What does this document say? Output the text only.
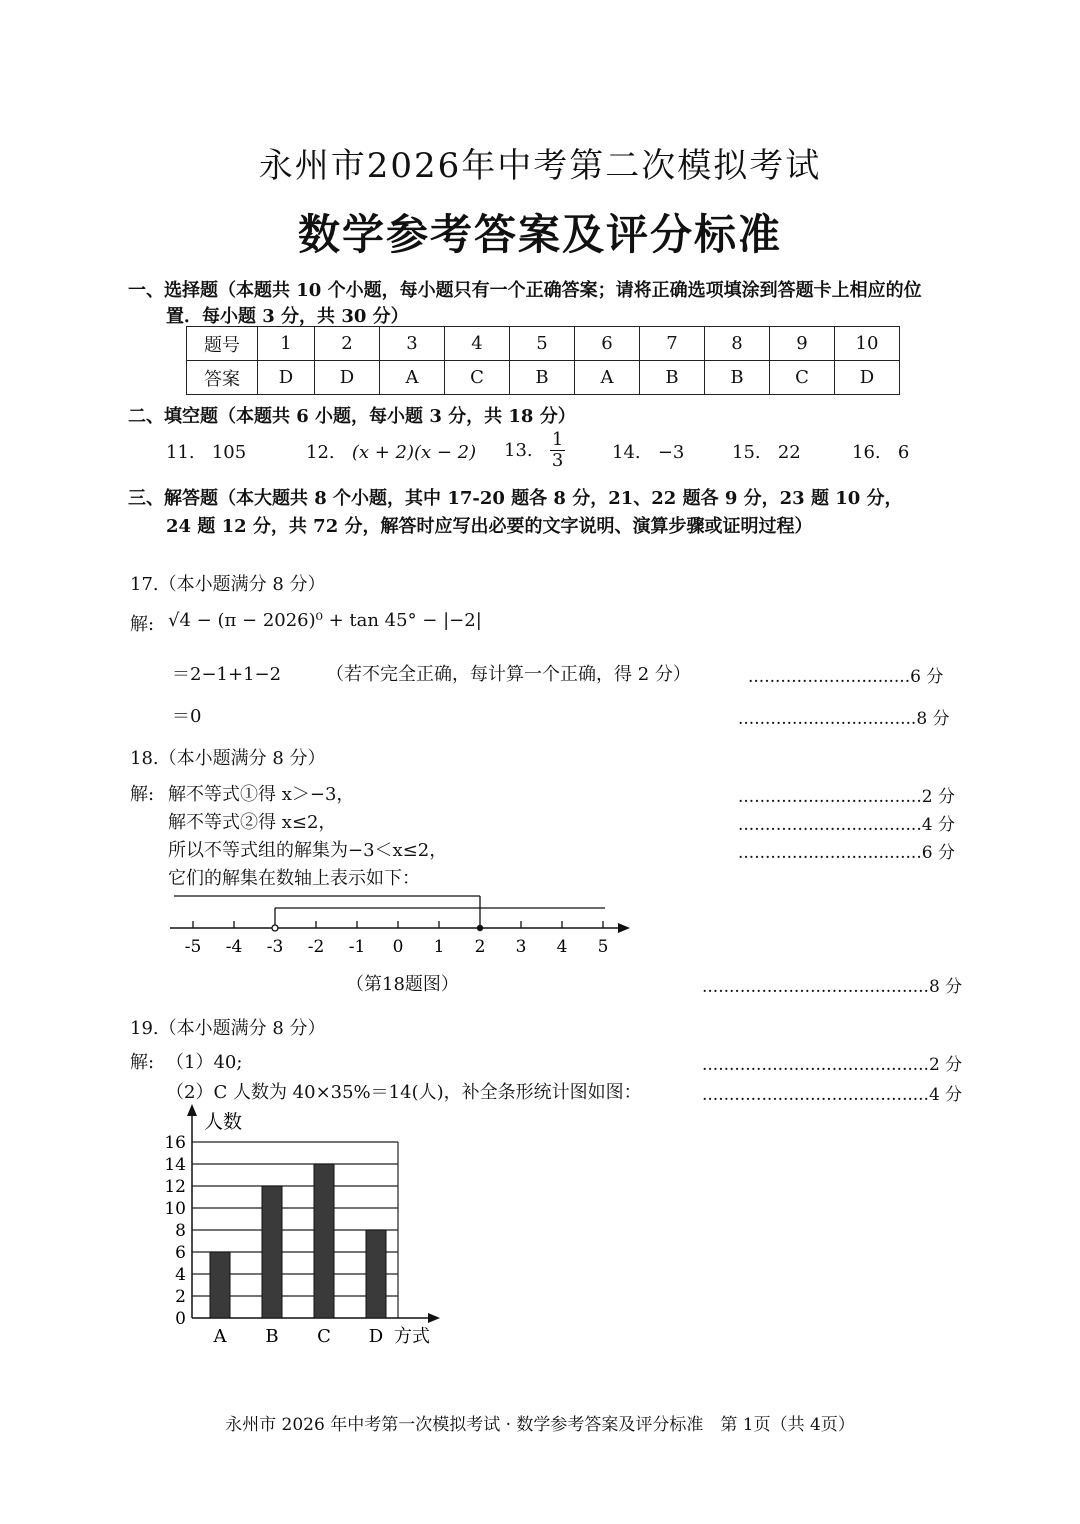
永州市2026年中考第二次模拟考试
数学参考答案及评分标准
一、选择题（本题共 10 个小题，每小题只有一个正确答案；请将正确选项填涂到答题卡上相应的位
置．每小题 3 分，共 30 分）
题号	1	2	3	4	5	6	7	8	9	10
答案	D	D	A	C	B	A	B	B	C	D
二、填空题（本题共 6 小题，每小题 3 分，共 18 分）
11. 105	12. (x + 2)(x − 2) 13. $\frac{1}{3}$	14. −3	15. 22	16. 6
三、解答题（本大题共 8 个小题，其中 17-20 题各 8 分，21、22 题各 9 分，23 题 10 分，
24 题 12 分，共 72 分，解答时应写出必要的文字说明、演算步骤或证明过程）
17.（本小题满分 8 分）
解: √4 − (π − 2026)⁰ + tan 45° − |−2|
＝2−1+1−2 （若不完全正确，每计算一个正确，得 2 分）	..............................6 分
＝0	.................................8 分
18.（本小题满分 8 分）
解: 解不等式①得 x＞−3，	..................................2 分
解不等式②得 x≤2，	..................................4 分
所以不等式组的解集为−3＜x≤2，	..................................6 分
它们的解集在数轴上表示如下：
-5 -4 -3 -2 -1 0 1 2 3 4 5
（第18题图）	..........................................8 分
19.（本小题满分 8 分）
解: （1）40;	..........................................2 分
（2）C 人数为 40×35%＝14(人)，补全条形统计图如图：	..........................................4 分
0
2
4
6
8
10
12
14
16
人数
方式
A B C D
永州市 2026 年中考第一次模拟考试 · 数学参考答案及评分标准　第 1页（共 4页）
